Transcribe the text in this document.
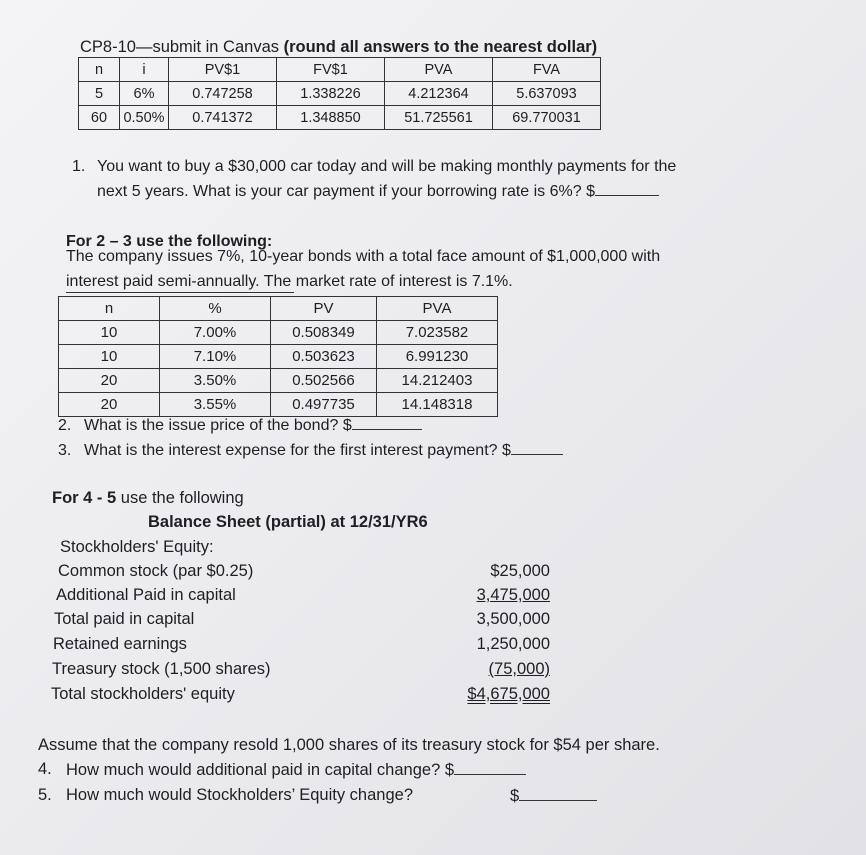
CP8-10—submit in Canvas (round all answers to the nearest dollar)
n	i	PV$1	FV$1	PVA	FVA
5	6%	0.747258	1.338226	4.212364	5.637093
60	0.50%	0.741372	1.348850	51.725561	69.770031
1. You want to buy a $30,000 car today and will be making monthly payments for the
next 5 years. What is your car payment if your borrowing rate is 6%? $
For 2 – 3 use the following:
The company issues 7%, 10-year bonds with a total face amount of $1,000,000 with
interest paid semi-annually. The market rate of interest is 7.1%.
n	%	PV	PVA
10	7.00%	0.508349	7.023582
10	7.10%	0.503623	6.991230
20	3.50%	0.502566	14.212403
20	3.55%	0.497735	14.148318
2. What is the issue price of the bond? $
3. What is the interest expense for the first interest payment? $
For 4 - 5 use the following
Balance Sheet (partial) at 12/31/YR6
Stockholders' Equity:
Common stock (par $0.25)	$25,000
Additional Paid in capital	3,475,000
Total paid in capital	3,500,000
Retained earnings	1,250,000
Treasury stock (1,500 shares)	(75,000)
Total stockholders' equity	$4,675,000
Assume that the company resold 1,000 shares of its treasury stock for $54 per share.
4. How much would additional paid in capital change? $
5. How much would Stockholders’ Equity change?	$
